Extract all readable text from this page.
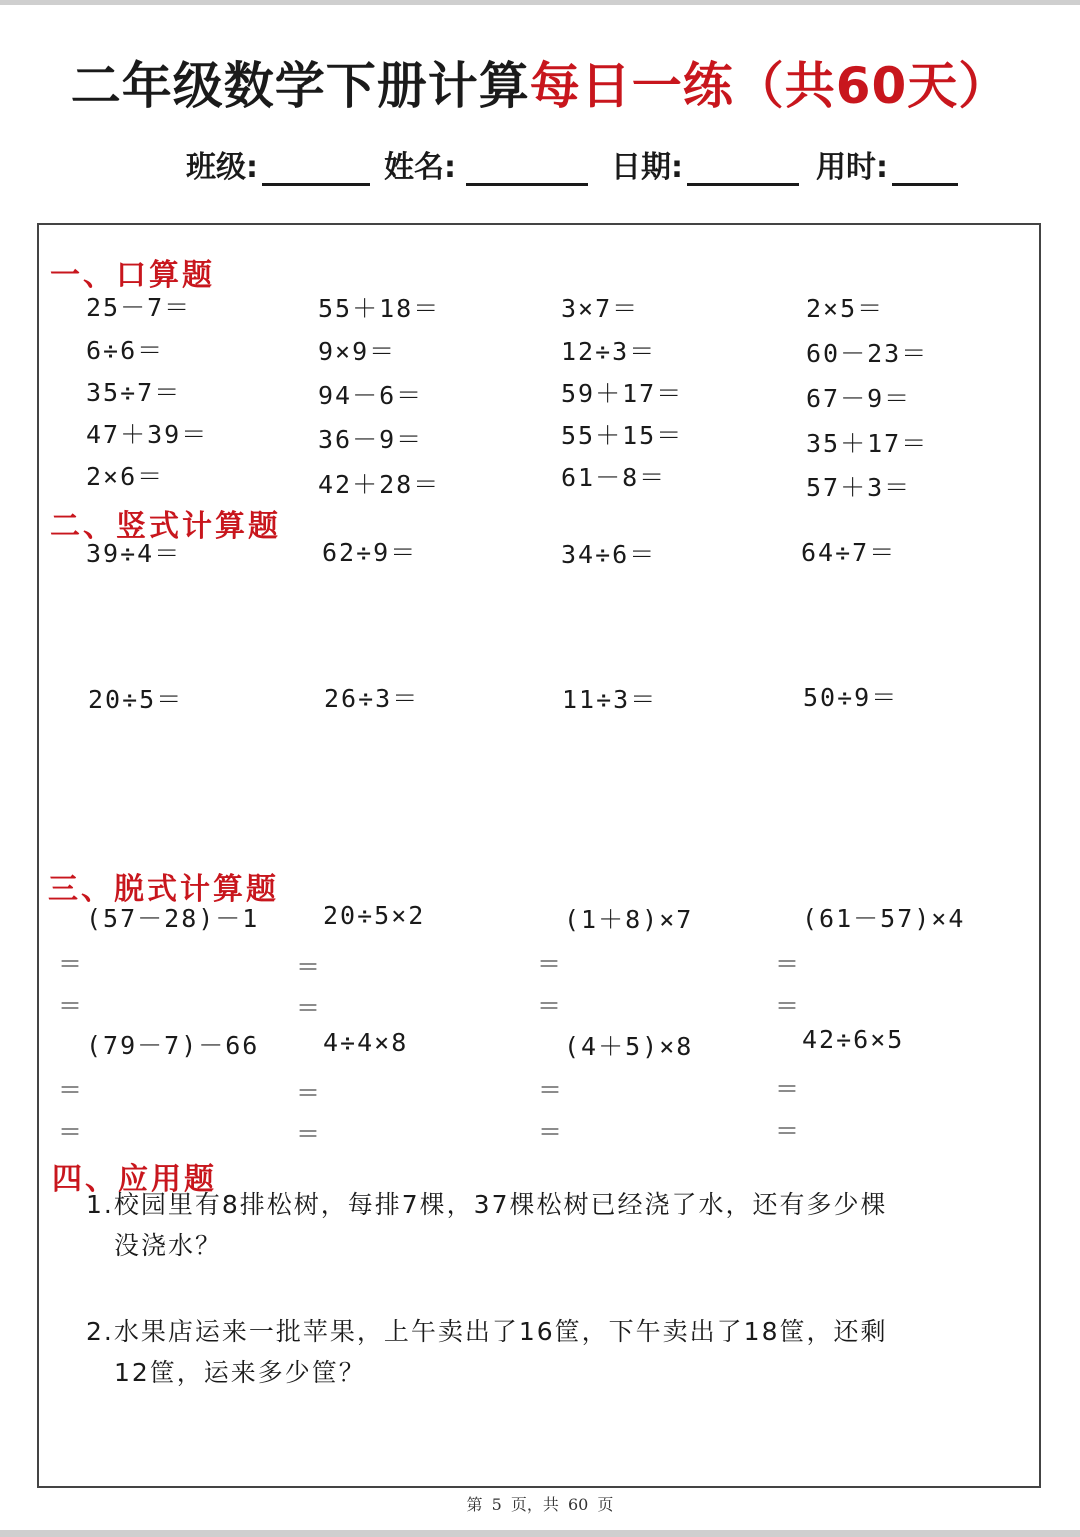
二年级数学下册计算每日一练（共60天）
班级:	姓名:	日期:	用时:
一、口算题
25－7＝	55＋18＝	3×7＝	2×5＝
6÷6＝	9×9＝	12÷3＝	60－23＝
35÷7＝	94－6＝	59＋17＝	67－9＝
47＋39＝	36－9＝	55＋15＝	35＋17＝
2×6＝	42＋28＝	61－8＝	57＋3＝
二、竖式计算题
39÷4＝	62÷9＝	34÷6＝	64÷7＝
20÷5＝	26÷3＝	11÷3＝	50÷9＝
三、脱式计算题
(57－28)－1	20÷5×2	(1＋8)×7	(61－57)×4
＝	＝	＝	＝
＝	＝	＝	＝
(79－7)－66	4÷4×8	(4＋5)×8	42÷6×5
＝	＝	＝	＝
＝	＝	＝	＝
四、应用题
1.校园里有8排松树，每排7棵，37棵松树已经浇了水，还有多少棵
没浇水？
2.水果店运来一批苹果，上午卖出了16筐，下午卖出了18筐，还剩
12筐，运来多少筐？
第 5 页，共 60 页
